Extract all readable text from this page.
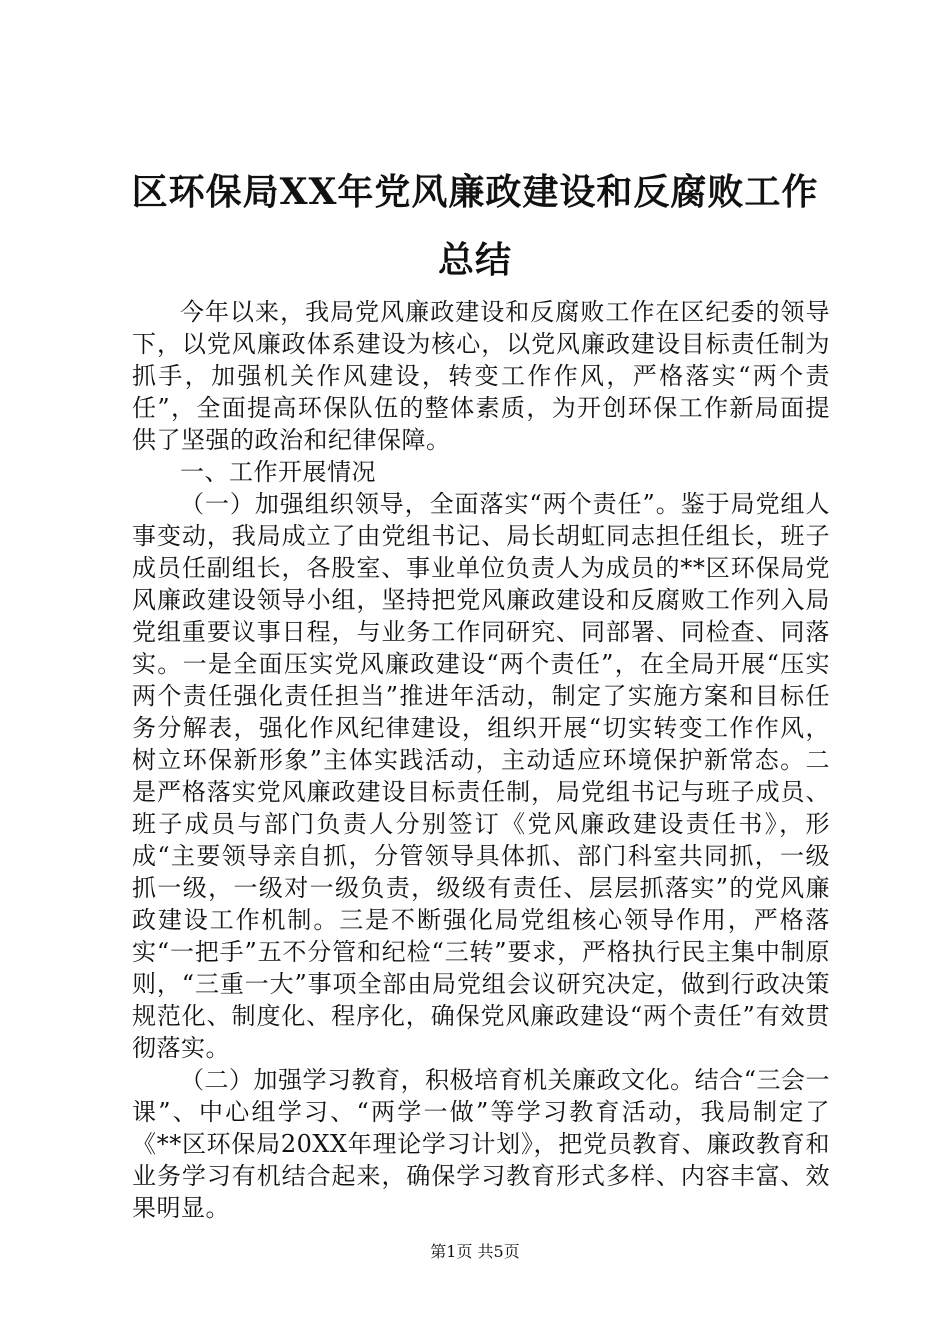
区环保局XX年党风廉政建设和反腐败工作总结

今年以来，我局党风廉政建设和反腐败工作在区纪委的领导下，以党风廉政体系建设为核心，以党风廉政建设目标责任制为抓手，加强机关作风建设，转变工作作风，严格落实“两个责任”，全面提高环保队伍的整体素质，为开创环保工作新局面提供了坚强的政治和纪律保障。

一、工作开展情况

（一）加强组织领导，全面落实“两个责任”。鉴于局党组人事变动，我局成立了由党组书记、局长胡虹同志担任组长，班子成员任副组长，各股室、事业单位负责人为成员的**区环保局党风廉政建设领导小组，坚持把党风廉政建设和反腐败工作列入局党组重要议事日程，与业务工作同研究、同部署、同检查、同落实。一是全面压实党风廉政建设“两个责任”，在全局开展“压实两个责任强化责任担当”推进年活动，制定了实施方案和目标任务分解表，强化作风纪律建设，组织开展“切实转变工作作风，树立环保新形象”主体实践活动，主动适应环境保护新常态。二是严格落实党风廉政建设目标责任制，局党组书记与班子成员、班子成员与部门负责人分别签订《党风廉政建设责任书》，形成“主要领导亲自抓，分管领导具体抓、部门科室共同抓，一级抓一级，一级对一级负责，级级有责任、层层抓落实”的党风廉政建设工作机制。三是不断强化局党组核心领导作用，严格落实“一把手”五不分管和纪检“三转”要求，严格执行民主集中制原则，“三重一大”事项全部由局党组会议研究决定，做到行政决策规范化、制度化、程序化，确保党风廉政建设“两个责任”有效贯彻落实。

（二）加强学习教育，积极培育机关廉政文化。结合“三会一课”、中心组学习、“两学一做”等学习教育活动，我局制定了《**区环保局20XX年理论学习计划》，把党员教育、廉政教育和业务学习有机结合起来，确保学习教育形式多样、内容丰富、效果明显。

第1页 共5页
